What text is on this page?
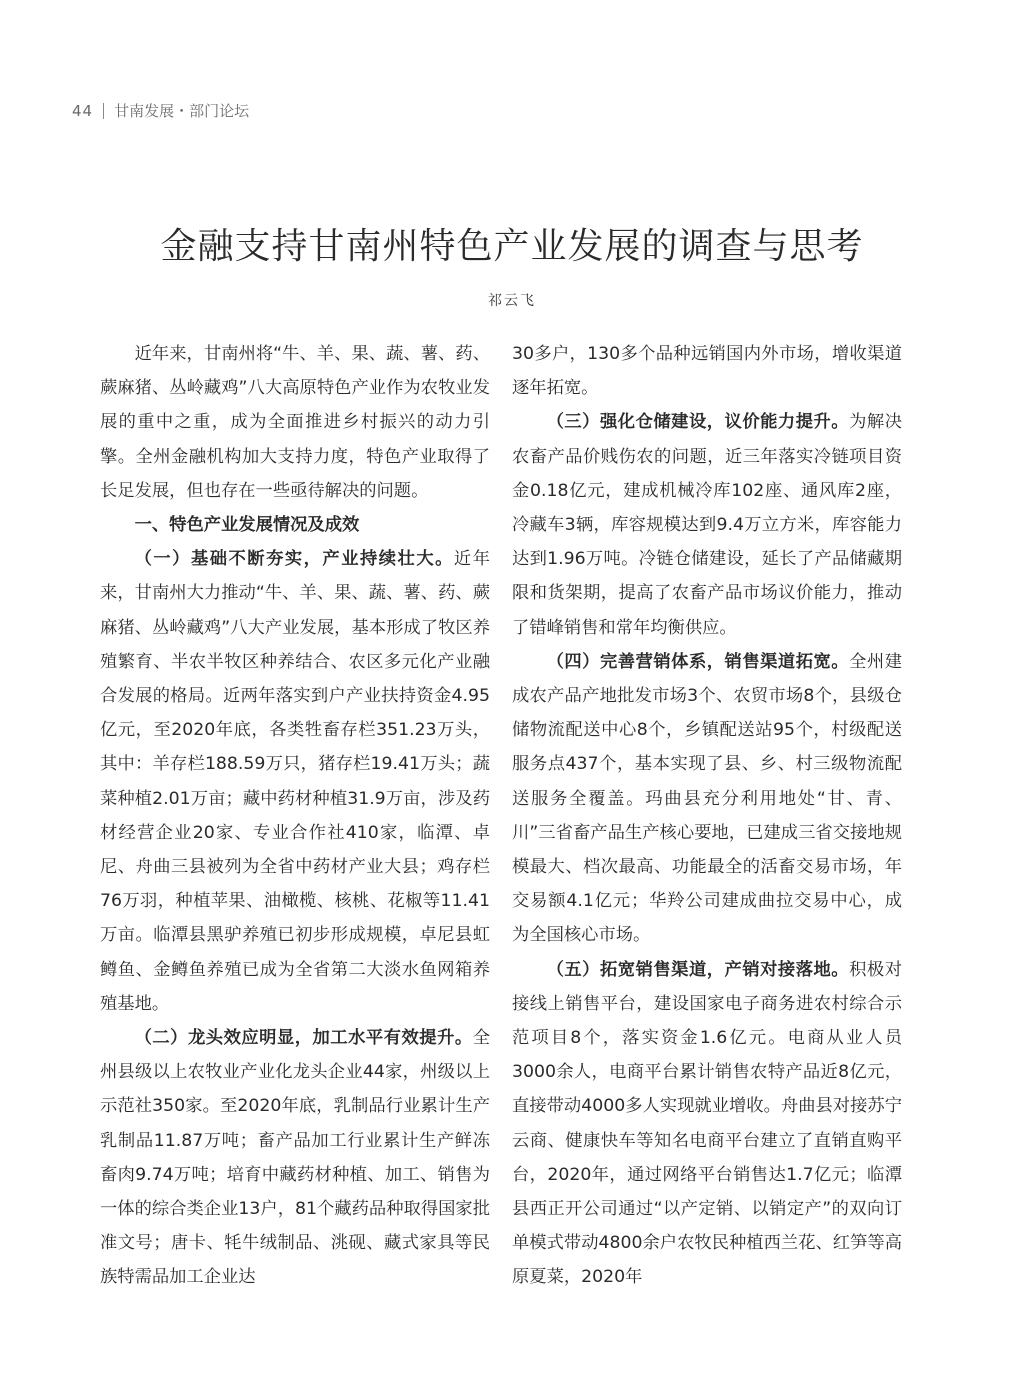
44 甘南发展・部门论坛
金融支持甘南州特色产业发展的调查与思考
祁云飞

近年来，甘南州将“牛、羊、果、蔬、薯、药、蕨麻猪、丛岭藏鸡”八大高原特色产业作为农牧业发展的重中之重，成为全面推进乡村振兴的动力引擎。全州金融机构加大支持力度，特色产业取得了长足发展，但也存在一些亟待解决的问题。

一、特色产业发展情况及成效

（一）基础不断夯实，产业持续壮大。近年来，甘南州大力推动“牛、羊、果、蔬、薯、药、蕨麻猪、丛岭藏鸡”八大产业发展，基本形成了牧区养殖繁育、半农半牧区种养结合、农区多元化产业融合发展的格局。近两年落实到户产业扶持资金4.95亿元，至2020年底，各类牲畜存栏351.23万头，其中：羊存栏188.59万只，猪存栏19.41万头；蔬菜种植2.01万亩；藏中药材种植31.9万亩，涉及药材经营企业20家、专业合作社410家，临潭、卓尼、舟曲三县被列为全省中药材产业大县；鸡存栏76万羽，种植苹果、油橄榄、核桃、花椒等11.41万亩。临潭县黑驴养殖已初步形成规模，卓尼县虹鳟鱼、金鳟鱼养殖已成为全省第二大淡水鱼网箱养殖基地。

（二）龙头效应明显，加工水平有效提升。全州县级以上农牧业产业化龙头企业44家，州级以上示范社350家。至2020年底，乳制品行业累计生产乳制品11.87万吨；畜产品加工行业累计生产鲜冻畜肉9.74万吨；培育中藏药材种植、加工、销售为一体的综合类企业13户，81个藏药品种取得国家批准文号；唐卡、牦牛绒制品、洮砚、藏式家具等民族特需品加工企业达

30多户，130多个品种远销国内外市场，增收渠道逐年拓宽。

（三）强化仓储建设，议价能力提升。为解决农畜产品价贱伤农的问题，近三年落实冷链项目资金0.18亿元，建成机械冷库102座、通风库2座，冷藏车3辆，库容规模达到9.4万立方米，库容能力达到1.96万吨。冷链仓储建设，延长了产品储藏期限和货架期，提高了农畜产品市场议价能力，推动了错峰销售和常年均衡供应。

（四）完善营销体系，销售渠道拓宽。全州建成农产品产地批发市场3个、农贸市场8个，县级仓储物流配送中心8个，乡镇配送站95个，村级配送服务点437个，基本实现了县、乡、村三级物流配送服务全覆盖。玛曲县充分利用地处“甘、青、川”三省畜产品生产核心要地，已建成三省交接地规模最大、档次最高、功能最全的活畜交易市场，年交易额4.1亿元；华羚公司建成曲拉交易中心，成为全国核心市场。

（五）拓宽销售渠道，产销对接落地。积极对接线上销售平台，建设国家电子商务进农村综合示范项目8个，落实资金1.6亿元。电商从业人员3000余人，电商平台累计销售农特产品近8亿元，直接带动4000多人实现就业增收。舟曲县对接苏宁云商、健康快车等知名电商平台建立了直销直购平台，2020年，通过网络平台销售达1.7亿元；临潭县西正开公司通过“以产定销、以销定产”的双向订单模式带动4800余户农牧民种植西兰花、红笋等高原夏菜，2020年
